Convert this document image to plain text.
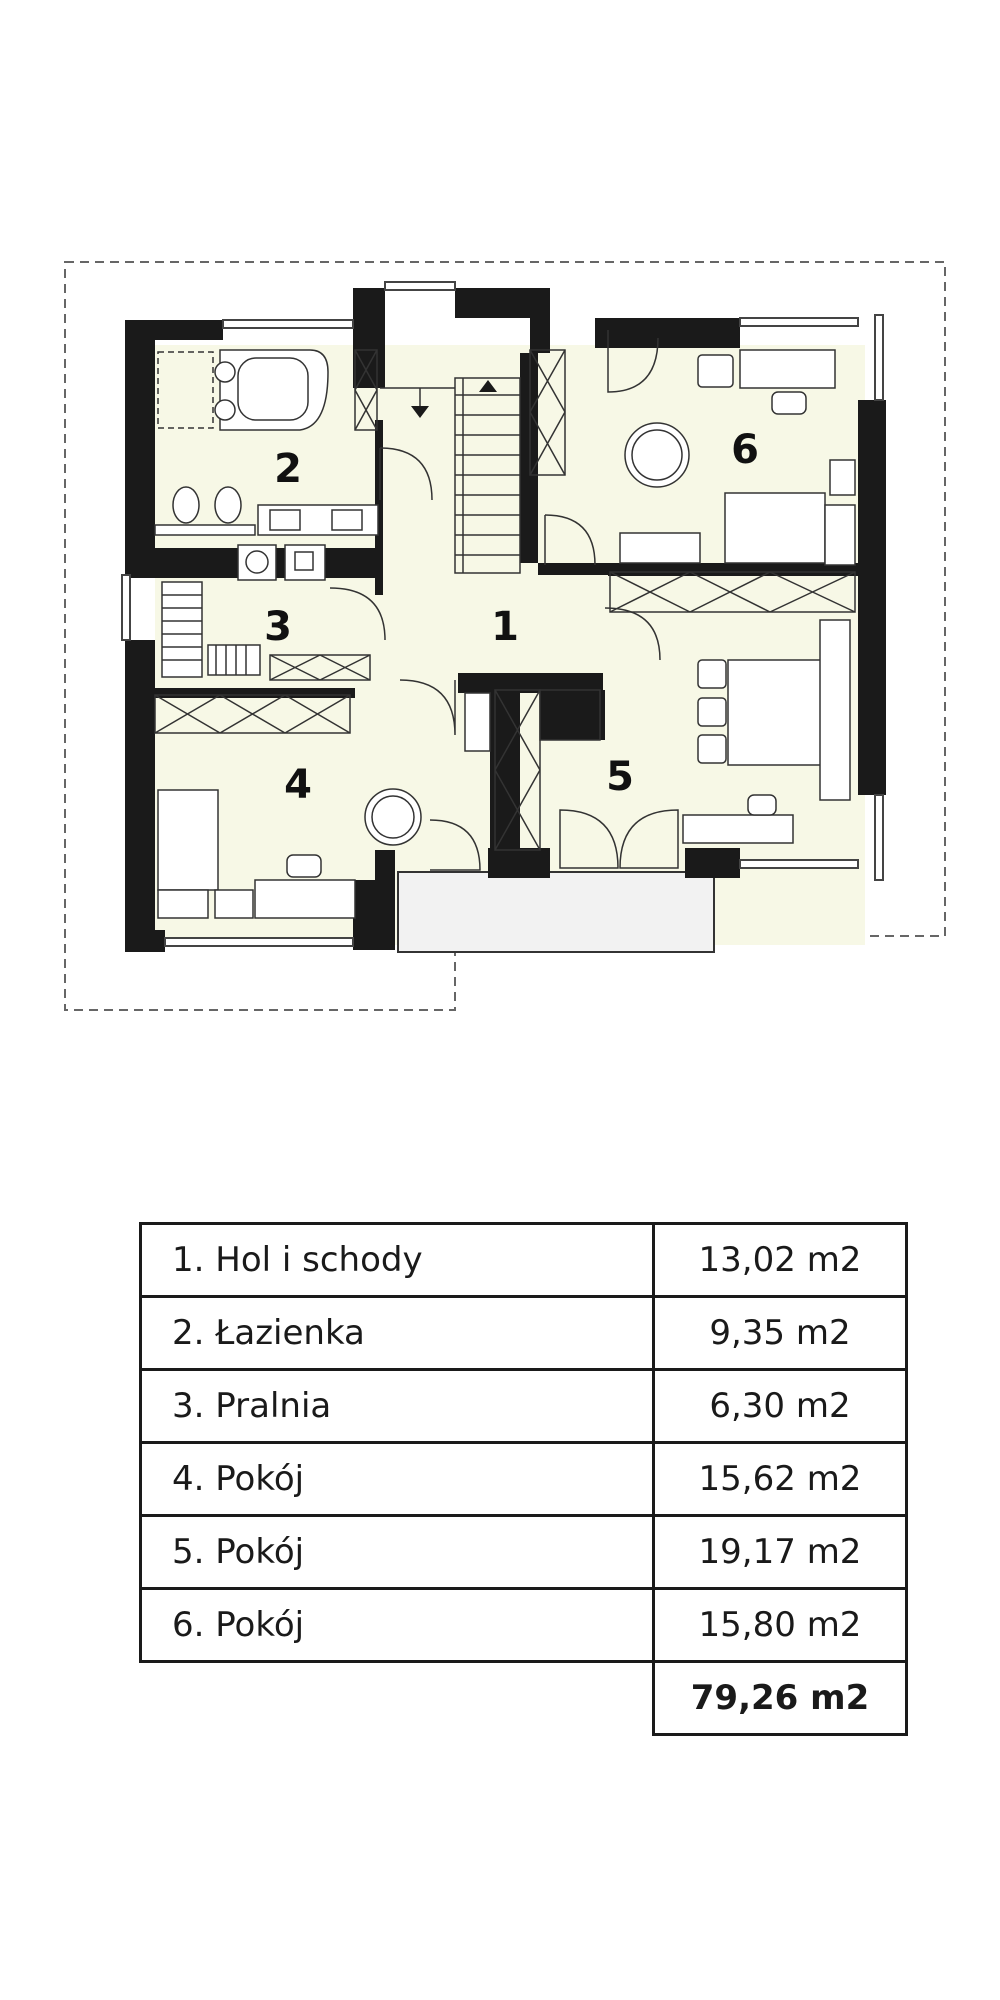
1
2
3
4	5
6
1. Hol i schody	13,02 m2
2. Łazienka	9,35 m2
3. Pralnia	6,30 m2
4. Pokój	15,62 m2
5. Pokój	19,17 m2
6. Pokój	15,80 m2
	79,26 m2
